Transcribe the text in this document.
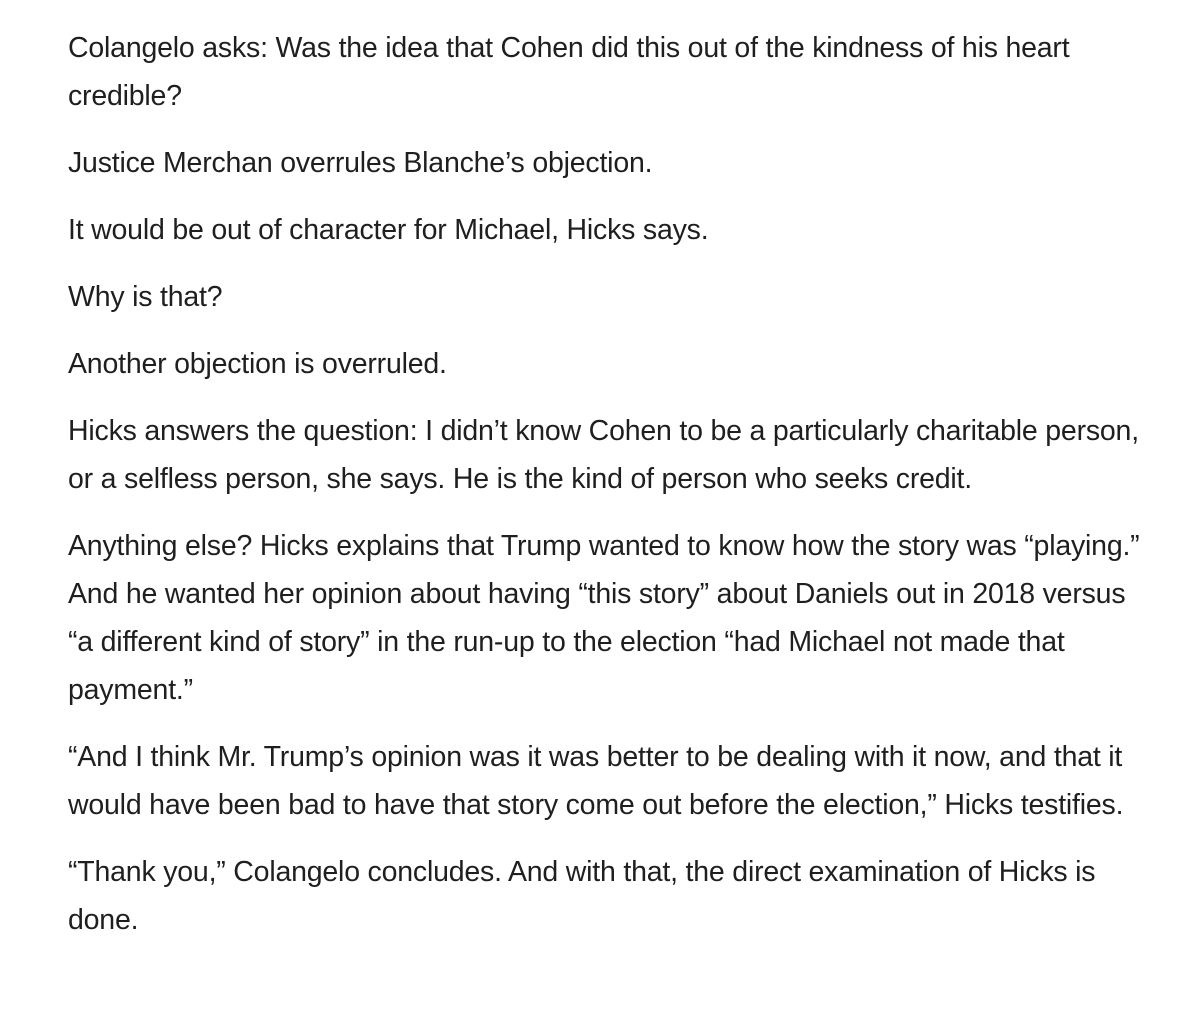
Colangelo asks: Was the idea that Cohen did this out of the kindness of his heart credible?

Justice Merchan overrules Blanche’s objection.

It would be out of character for Michael, Hicks says.

Why is that?

Another objection is overruled.

Hicks answers the question: I didn’t know Cohen to be a particularly charitable person, or a selfless person, she says. He is the kind of person who seeks credit.

Anything else? Hicks explains that Trump wanted to know how the story was “playing.” And he wanted her opinion about having “this story” about Daniels out in 2018 versus “a different kind of story” in the run-up to the election “had Michael not made that payment.”

“And I think Mr. Trump’s opinion was it was better to be dealing with it now, and that it would have been bad to have that story come out before the election,” Hicks testifies.

“Thank you,” Colangelo concludes. And with that, the direct examination of Hicks is done.
